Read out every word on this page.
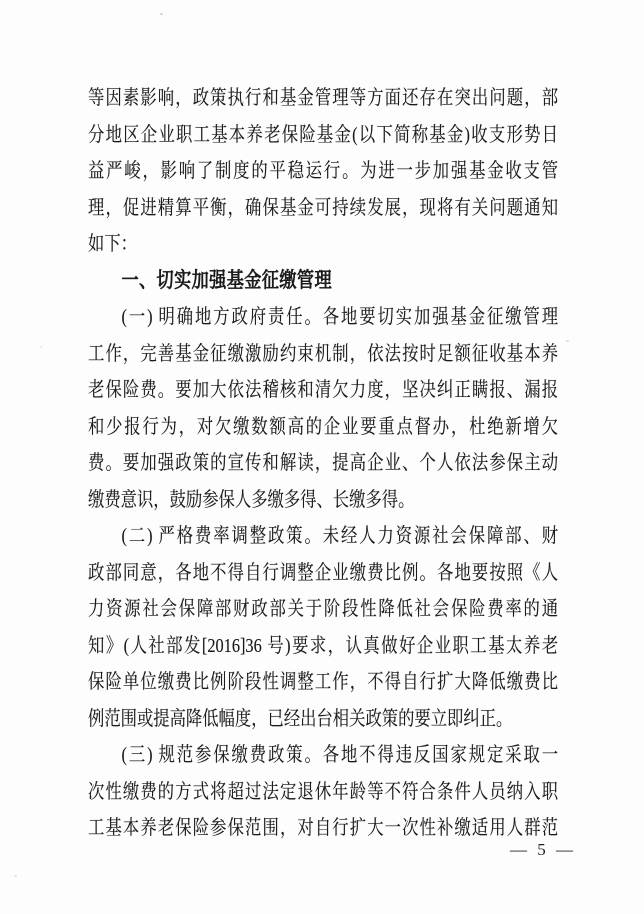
等因素影响，政策执行和基金管理等方面还存在突出问题，部
分地区企业职工基本养老保险基金(以下简称基金)收支形势日
益严峻，影响了制度的平稳运行。为进一步加强基金收支管
理，促进精算平衡，确保基金可持续发展，现将有关问题通知
如下：
一、切实加强基金征缴管理
(一) 明确地方政府责任。各地要切实加强基金征缴管理
工作，完善基金征缴激励约束机制，依法按时足额征收基本养
老保险费。要加大依法稽核和清欠力度，坚决纠正瞒报、漏报
和少报行为，对欠缴数额高的企业要重点督办，杜绝新增欠
费。要加强政策的宣传和解读，提高企业、个人依法参保主动
缴费意识，鼓励参保人多缴多得、长缴多得。
(二) 严格费率调整政策。未经人力资源社会保障部、财
政部同意，各地不得自行调整企业缴费比例。各地要按照《人
力资源社会保障部财政部关于阶段性降低社会保险费率的通
知》(人社部发[2016]36 号)要求，认真做好企业职工基太养老
保险单位缴费比例阶段性调整工作，不得自行扩大降低缴费比
例范围或提高降低幅度，已经出台相关政策的要立即纠正。
(三) 规范参保缴费政策。各地不得违反国家规定采取一
次性缴费的方式将超过法定退休年龄等不符合条件人员纳入职
工基本养老保险参保范围，对自行扩大一次性补缴适用人群范
— 5 —
